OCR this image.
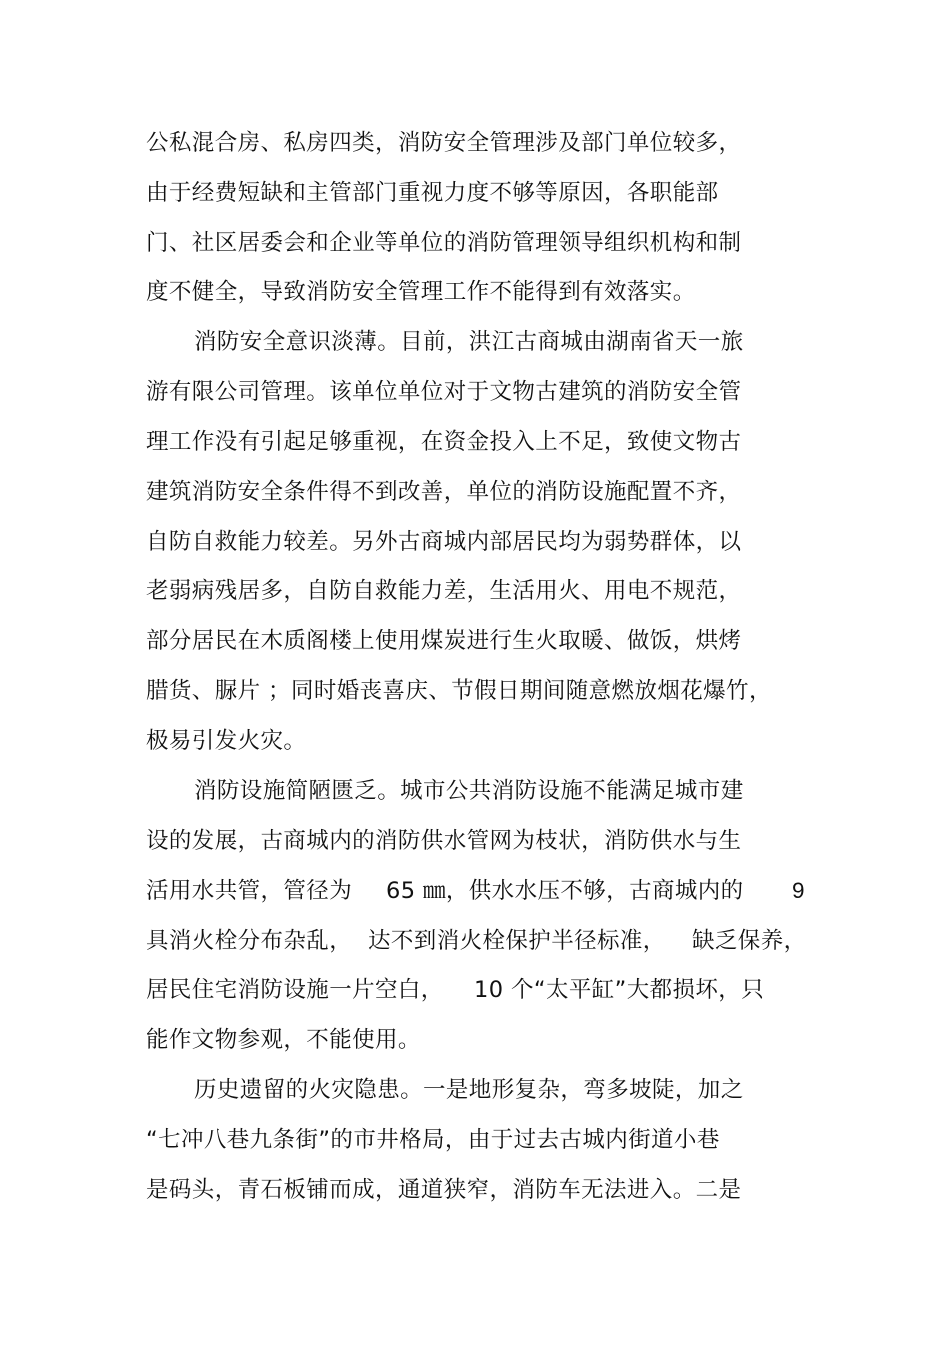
公私混合房、私房四类，消防安全管理涉及部门单位较多，
由于经费短缺和主管部门重视力度不够等原因，各职能部
门、社区居委会和企业等单位的消防管理领导组织机构和制
度不健全，导致消防安全管理工作不能得到有效落实。
消防安全意识淡薄。目前，洪江古商城由湖南省天一旅
游有限公司管理。该单位单位对于文物古建筑的消防安全管
理工作没有引起足够重视，在资金投入上不足，致使文物古
建筑消防安全条件得不到改善，单位的消防设施配置不齐，
自防自救能力较差。另外古商城内部居民均为弱势群体，以
老弱病残居多，自防自救能力差，生活用火、用电不规范，
部分居民在木质阁楼上使用煤炭进行生火取暖、做饭，烘烤
腊货、脲片 ；同时婚丧喜庆、节假日期间随意燃放烟花爆竹，
极易引发火灾。
消防设施简陋匮乏。城市公共消防设施不能满足城市建
设的发展，古商城内的消防供水管网为枝状，消防供水与生
活用水共管，管径为 65 ㎜，供水水压不够，古商城内的 9
具消火栓分布杂乱， 达不到消火栓保护半径标准， 缺乏保养，
居民住宅消防设施一片空白， 10 个“太平缸”大都损坏，只
能作文物参观，不能使用。
历史遗留的火灾隐患。一是地形复杂，弯多坡陡，加之
“七冲八巷九条街”的市井格局，由于过去古城内街道小巷
是码头，青石板铺而成，通道狭窄，消防车无法进入。二是
